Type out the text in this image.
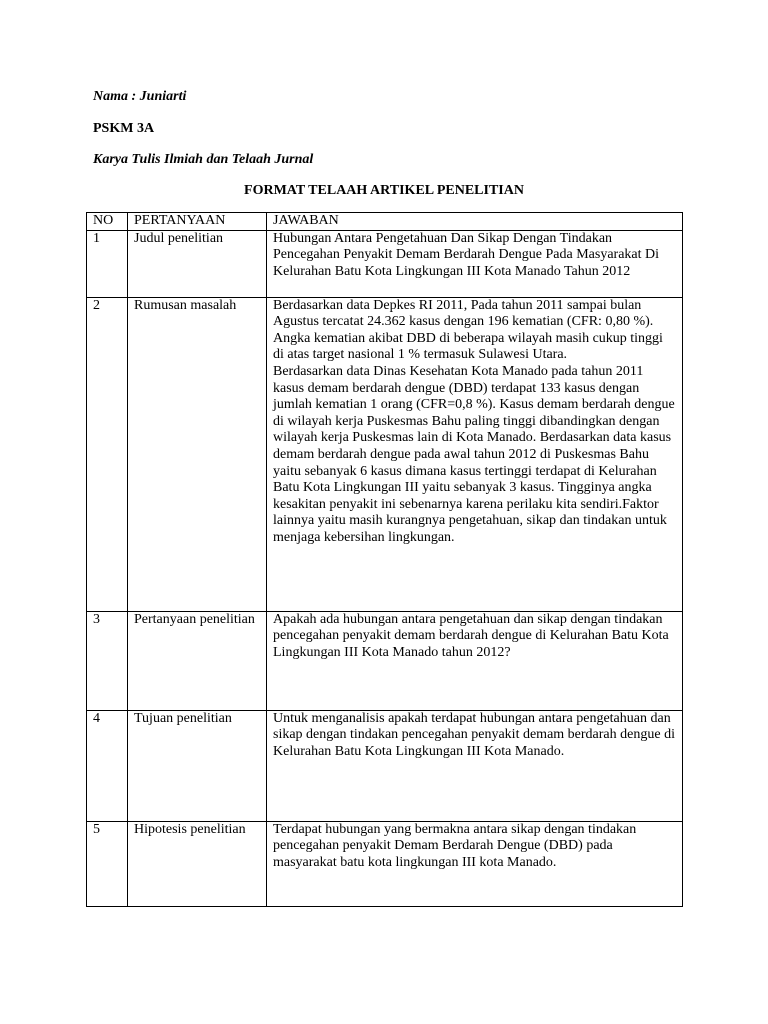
Nama : Juniarti
PSKM 3A
Karya Tulis Ilmiah dan Telaah Jurnal
FORMAT TELAAH ARTIKEL PENELITIAN
NO	PERTANYAAN	JAWABAN
1	Judul penelitian	Hubungan Antara Pengetahuan Dan Sikap Dengan Tindakan Pencegahan Penyakit Demam Berdarah Dengue Pada Masyarakat Di Kelurahan Batu Kota Lingkungan III Kota Manado Tahun 2012

2	Rumusan masalah	Berdasarkan data Depkes RI 2011, Pada tahun 2011 sampai bulan Agustus tercatat 24.362 kasus dengan 196 kematian (CFR: 0,80 %). Angka kematian akibat DBD di beberapa wilayah masih cukup tinggi di atas target nasional 1 % termasuk Sulawesi Utara.
Berdasarkan data Dinas Kesehatan Kota Manado pada tahun 2011 kasus demam berdarah dengue (DBD) terdapat 133 kasus dengan jumlah kematian 1 orang (CFR=0,8 %). Kasus demam berdarah dengue di wilayah kerja Puskesmas Bahu paling tinggi dibandingkan dengan wilayah kerja Puskesmas lain di Kota Manado. Berdasarkan data kasus demam berdarah dengue pada awal tahun 2012 di Puskesmas Bahu yaitu sebanyak 6 kasus dimana kasus tertinggi terdapat di Kelurahan Batu Kota Lingkungan III yaitu sebanyak 3 kasus. Tingginya angka kesakitan penyakit ini sebenarnya karena perilaku kita sendiri.Faktor lainnya yaitu masih kurangnya pengetahuan, sikap dan tindakan untuk menjaga kebersihan lingkungan.

3	Pertanyaan penelitian	Apakah ada hubungan antara pengetahuan dan sikap dengan tindakan pencegahan penyakit demam berdarah dengue di Kelurahan Batu Kota Lingkungan III Kota Manado tahun 2012?

4	Tujuan penelitian	Untuk menganalisis apakah terdapat hubungan antara pengetahuan dan sikap dengan tindakan pencegahan penyakit demam berdarah dengue di Kelurahan Batu Kota Lingkungan III Kota Manado.

5	Hipotesis penelitian	Terdapat hubungan yang bermakna antara sikap dengan tindakan pencegahan penyakit Demam Berdarah Dengue (DBD) pada masyarakat batu kota lingkungan III kota Manado.
